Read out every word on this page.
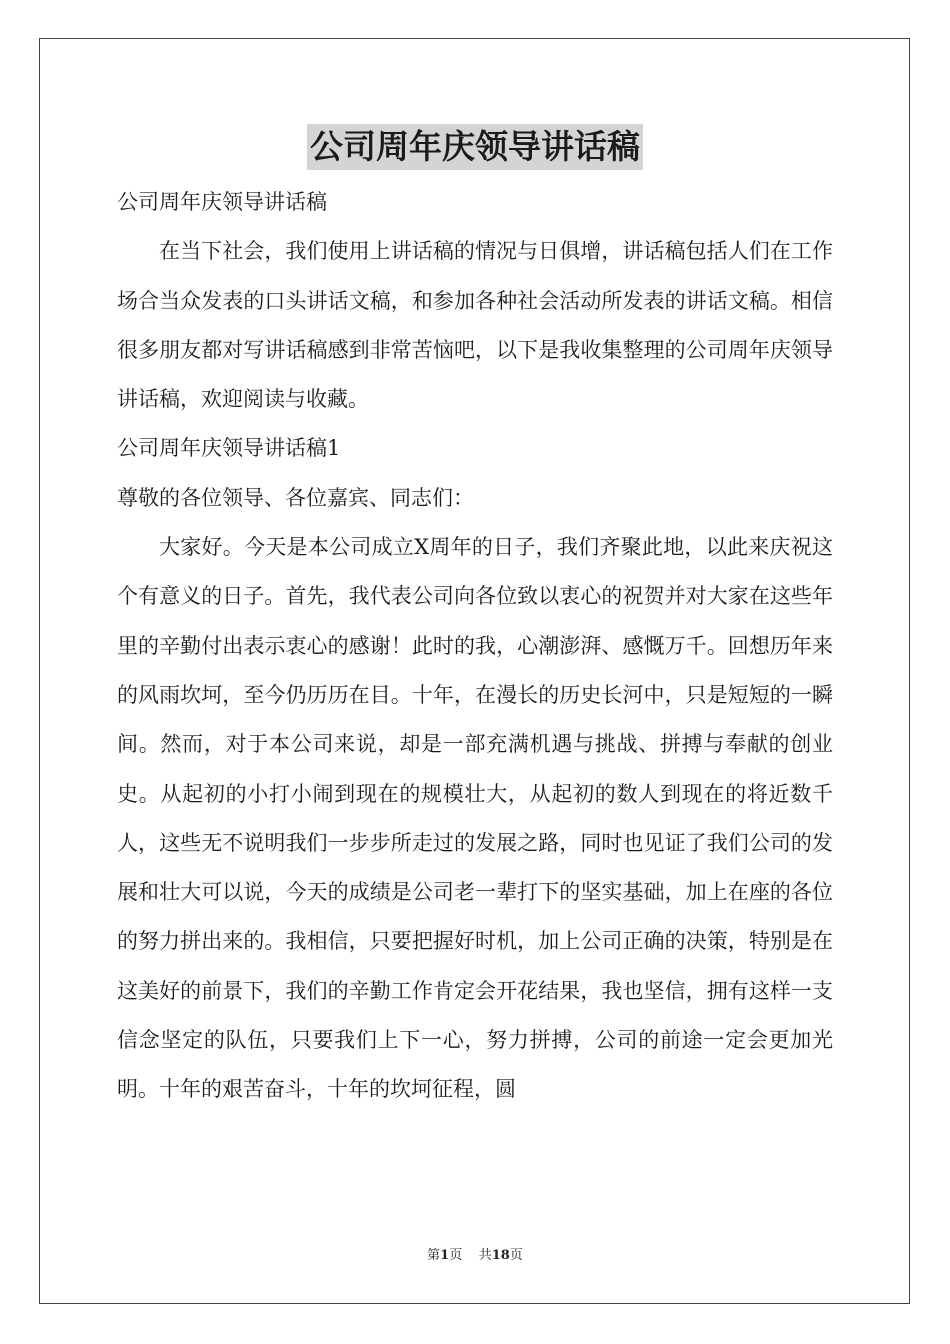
公司周年庆领导讲话稿

公司周年庆领导讲话稿

在当下社会，我们使用上讲话稿的情况与日俱增，讲话稿包括人们在工作场合当众发表的口头讲话文稿，和参加各种社会活动所发表的讲话文稿。相信很多朋友都对写讲话稿感到非常苦恼吧，以下是我收集整理的公司周年庆领导讲话稿，欢迎阅读与收藏。

公司周年庆领导讲话稿1

尊敬的各位领导、各位嘉宾、同志们：

大家好。今天是本公司成立X周年的日子，我们齐聚此地，以此来庆祝这个有意义的日子。首先，我代表公司向各位致以衷心的祝贺并对大家在这些年里的辛勤付出表示衷心的感谢！此时的我，心潮澎湃、感慨万千。回想历年来的风雨坎坷，至今仍历历在目。十年，在漫长的历史长河中，只是短短的一瞬间。然而，对于本公司来说，却是一部充满机遇与挑战、拼搏与奉献的创业史。从起初的小打小闹到现在的规模壮大，从起初的数人到现在的将近数千人，这些无不说明我们一步步所走过的发展之路，同时也见证了我们公司的发展和壮大可以说，今天的成绩是公司老一辈打下的坚实基础，加上在座的各位的努力拼出来的。我相信，只要把握好时机，加上公司正确的决策，特别是在这美好的前景下，我们的辛勤工作肯定会开花结果，我也坚信，拥有这样一支信念坚定的队伍，只要我们上下一心，努力拼搏，公司的前途一定会更加光明。十年的艰苦奋斗，十年的坎坷征程，圆

第1页 共18页
